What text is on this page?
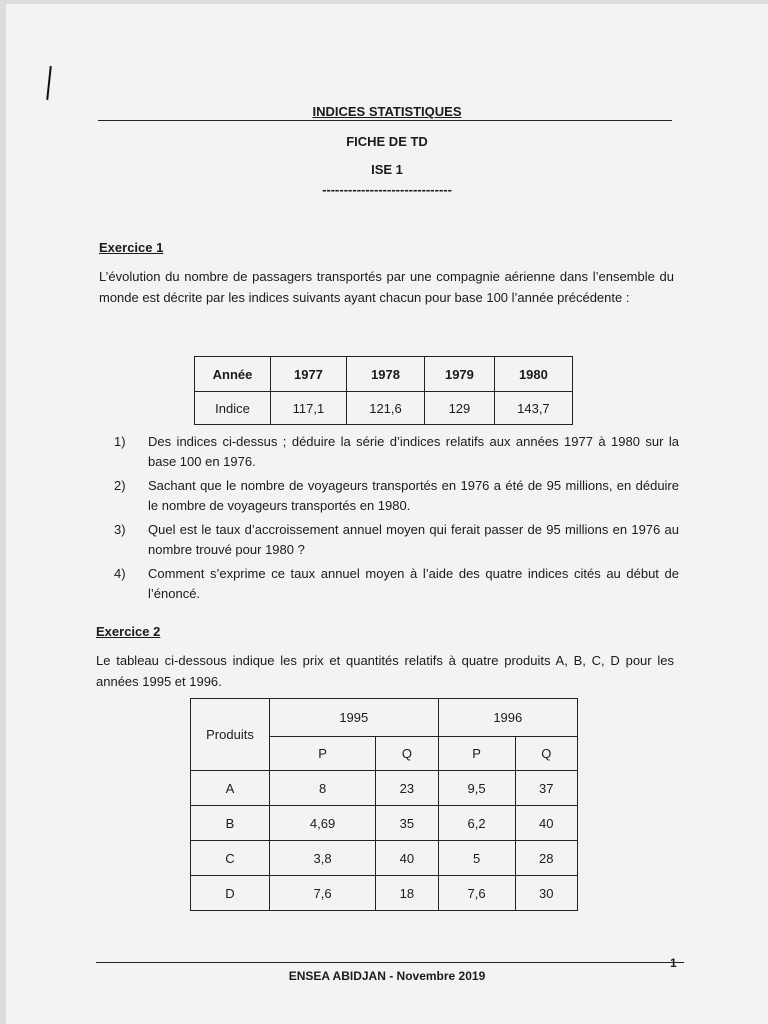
INDICES STATISTIQUES
FICHE DE TD
ISE 1
------------------------------
Exercice 1
L’évolution du nombre de passagers transportés par une compagnie aérienne dans l’ensemble du monde est décrite par les indices suivants ayant chacun pour base 100 l’année précédente :
Année	1977	1978	1979	1980
Indice	117,1	121,6	129	143,7
1) Des indices ci-dessus ; déduire la série d’indices relatifs aux années 1977 à 1980 sur la base 100 en 1976.
2) Sachant que le nombre de voyageurs transportés en 1976 a été de 95 millions, en déduire le nombre de voyageurs transportés en 1980.
3) Quel est le taux d’accroissement annuel moyen qui ferait passer de 95 millions en 1976 au nombre trouvé pour 1980 ?
4) Comment s’exprime ce taux annuel moyen à l’aide des quatre indices cités au début de l’énoncé.
Exercice 2
Le tableau ci-dessous indique les prix et quantités relatifs à quatre produits A, B, C, D pour les années 1995 et 1996.
Produits	1995		1996	
	P	Q	P	Q
A	8	23	9,5	37
B	4,69	35	6,2	40
C	3,8	40	5	28
D	7,6	18	7,6	30
1
ENSEA ABIDJAN - Novembre 2019
